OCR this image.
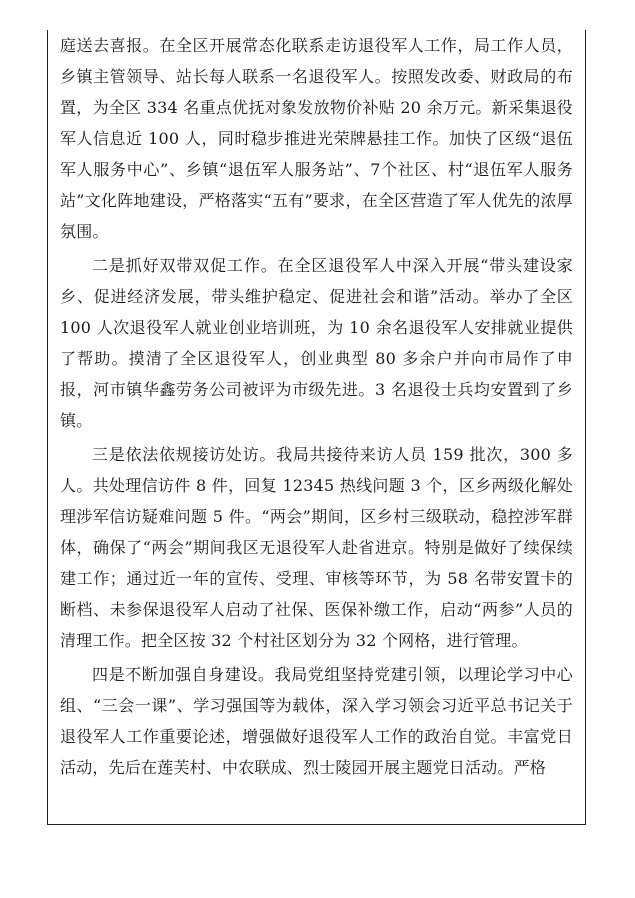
庭送去喜报。在全区开展常态化联系走访退役军人工作，局工作人员，乡镇主管领导、站长每人联系一名退役军人。按照发改委、财政局的布置，为全区 334 名重点优抚对象发放物价补贴 20 余万元。新采集退役军人信息近 100 人，同时稳步推进光荣牌悬挂工作。加快了区级“退伍军人服务中心”、乡镇“退伍军人服务站”、7个社区、村“退伍军人服务站”文化阵地建设，严格落实“五有”要求，在全区营造了军人优先的浓厚氛围。

二是抓好双带双促工作。在全区退役军人中深入开展“带头建设家乡、促进经济发展，带头维护稳定、促进社会和谐”活动。举办了全区100 人次退役军人就业创业培训班，为 10 余名退役军人安排就业提供了帮助。摸清了全区退役军人，创业典型 80 多余户并向市局作了申报，河市镇华鑫劳务公司被评为市级先进。3 名退役士兵均安置到了乡镇。

三是依法依规接访处访。我局共接待来访人员 159 批次，300 多人。共处理信访件 8 件，回复 12345 热线问题 3 个，区乡两级化解处理涉军信访疑难问题 5 件。“两会”期间，区乡村三级联动，稳控涉军群体，确保了“两会”期间我区无退役军人赴省进京。特别是做好了续保续建工作；通过近一年的宣传、受理、审核等环节，为 58 名带安置卡的断档、未参保退役军人启动了社保、医保补缴工作，启动“两参”人员的清理工作。把全区按 32 个村社区划分为 32 个网格，进行管理。

四是不断加强自身建设。我局党组坚持党建引领，以理论学习中心组、“三会一课”、学习强国等为载体，深入学习领会习近平总书记关于退役军人工作重要论述，增强做好退役军人工作的政治自觉。丰富党日活动，先后在莲芙村、中农联成、烈士陵园开展主题党日活动。严格
